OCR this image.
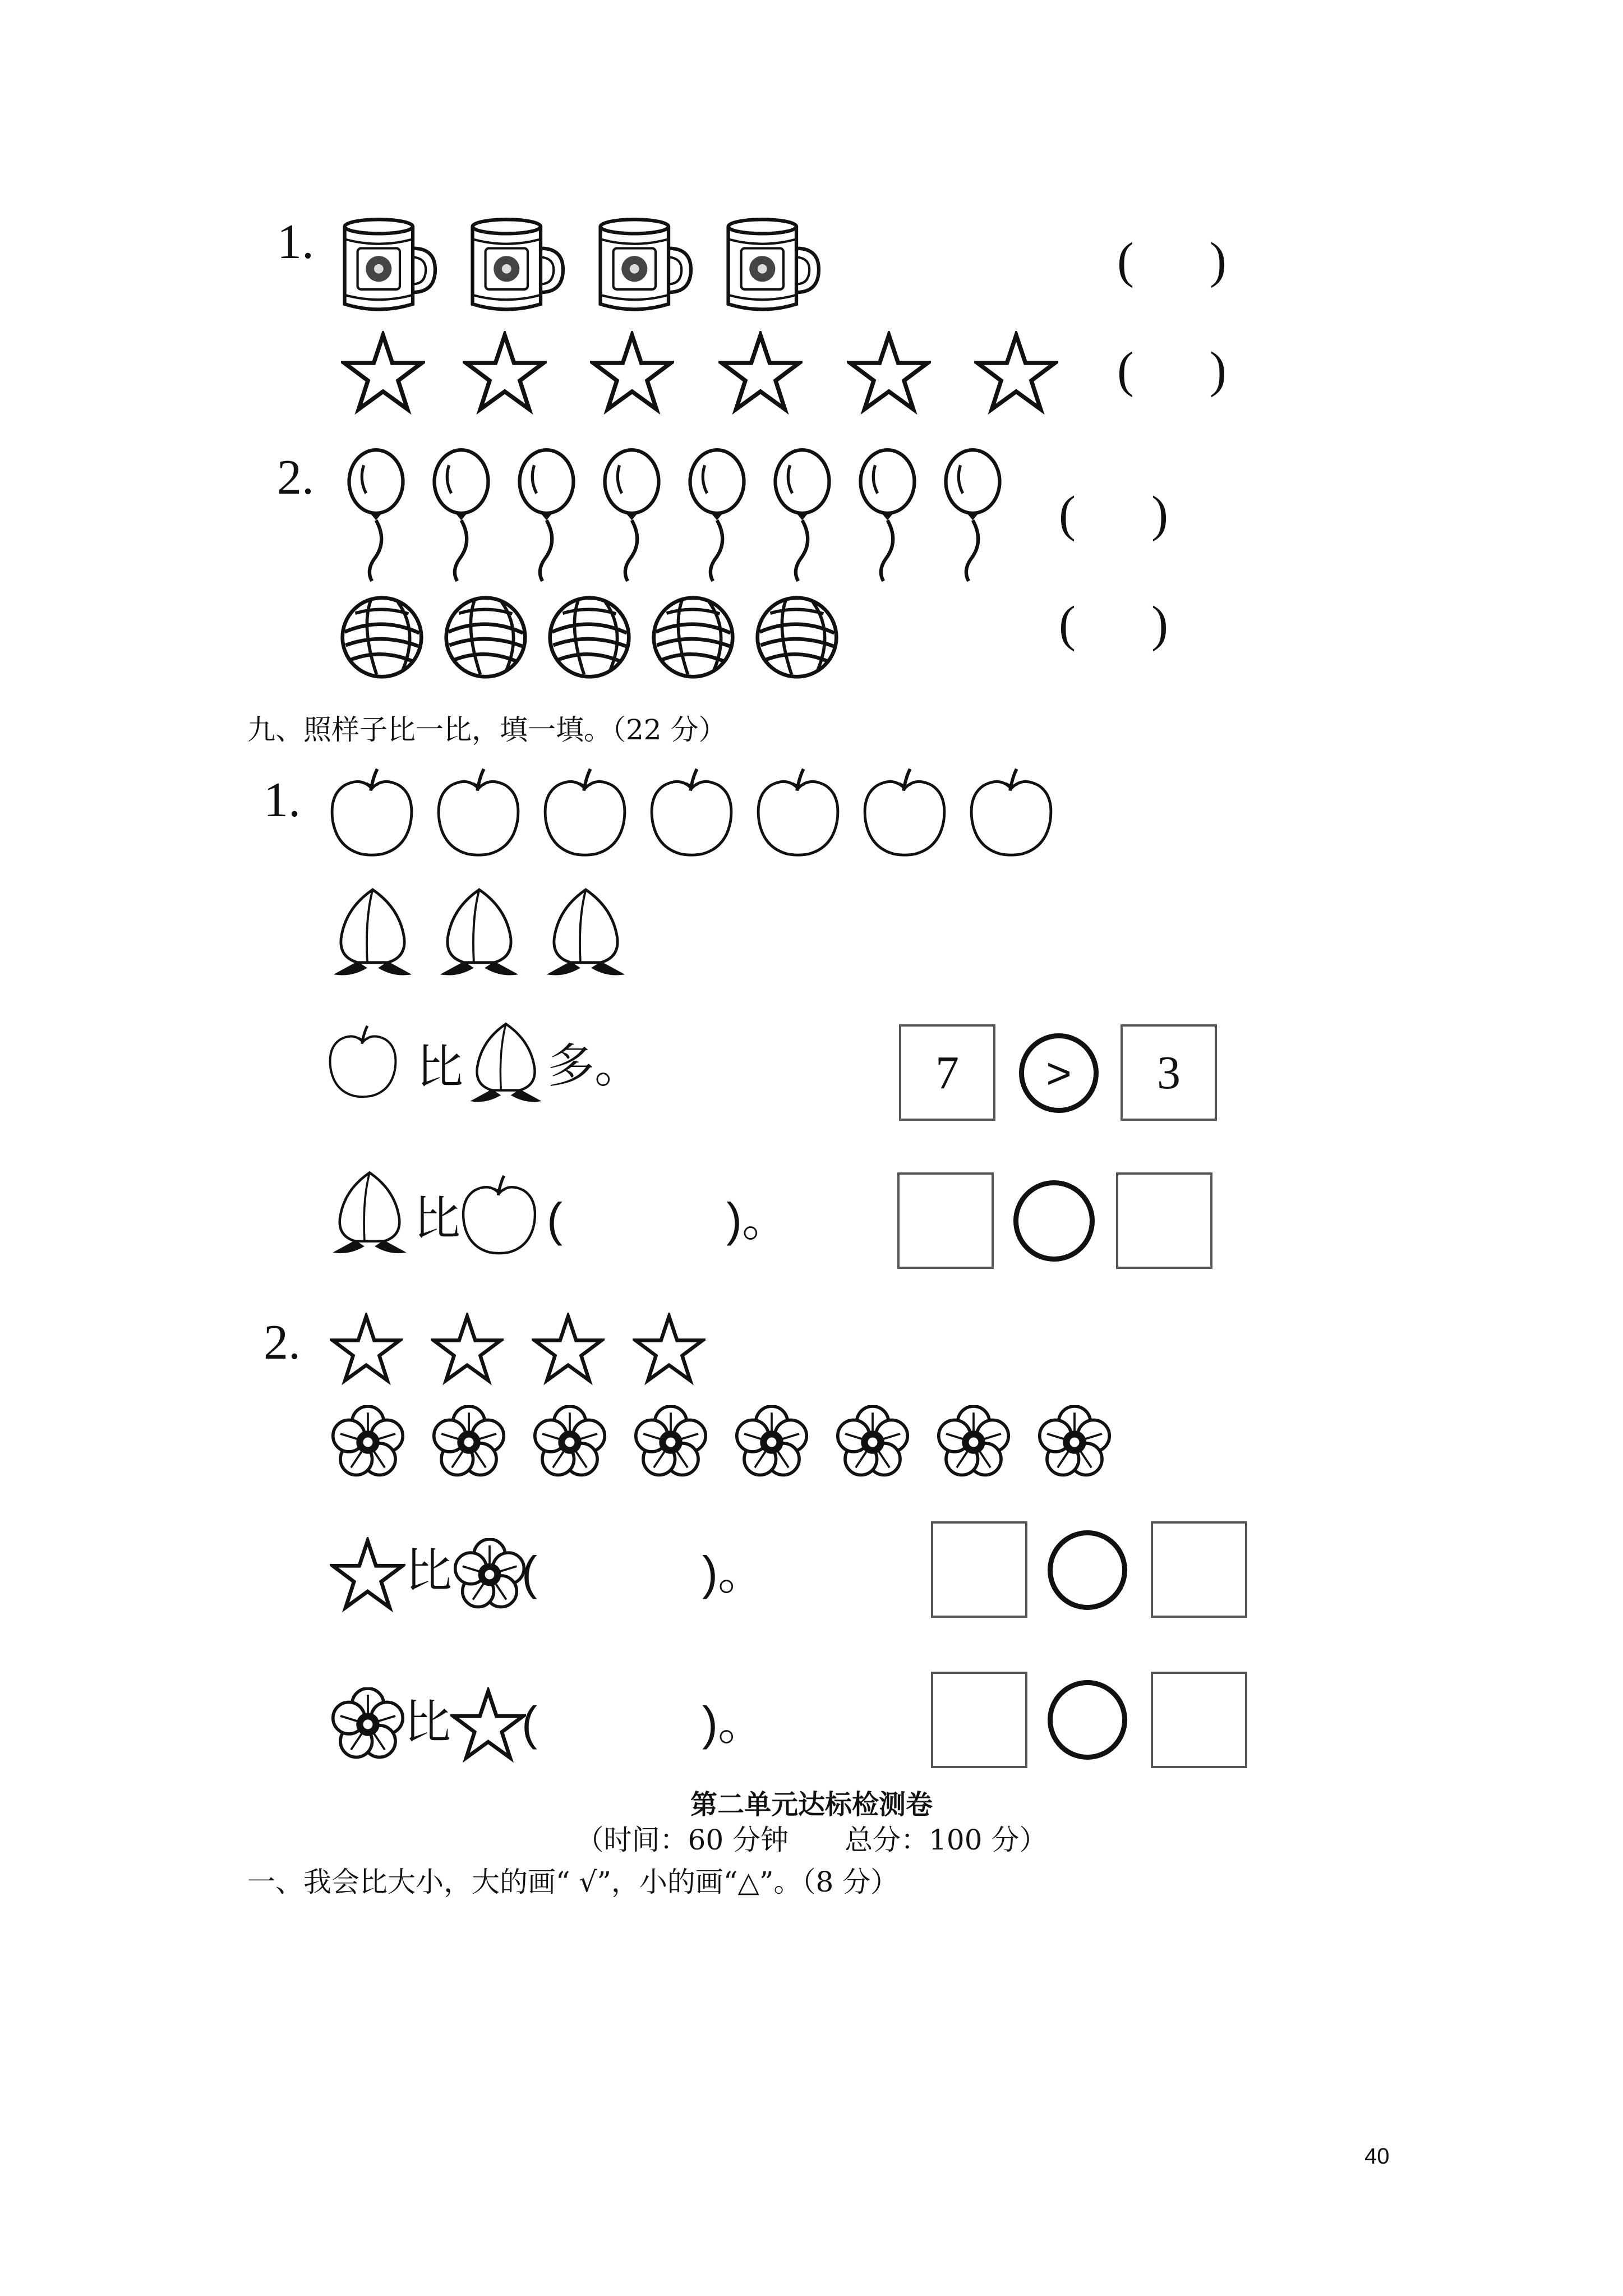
1.	(      )
(      )
2.
(      )
(      )
九、照样子比一比，填一填。（22 分）
1.
比 多。	7	>	3
比 (	)。
2.
比 (	)。
比 (	)。
第二单元达标检测卷
（时间：60 分钟　　总分：100 分）
一、我会比大小，大的画“ √”，小的画“△”。（8 分）
40
